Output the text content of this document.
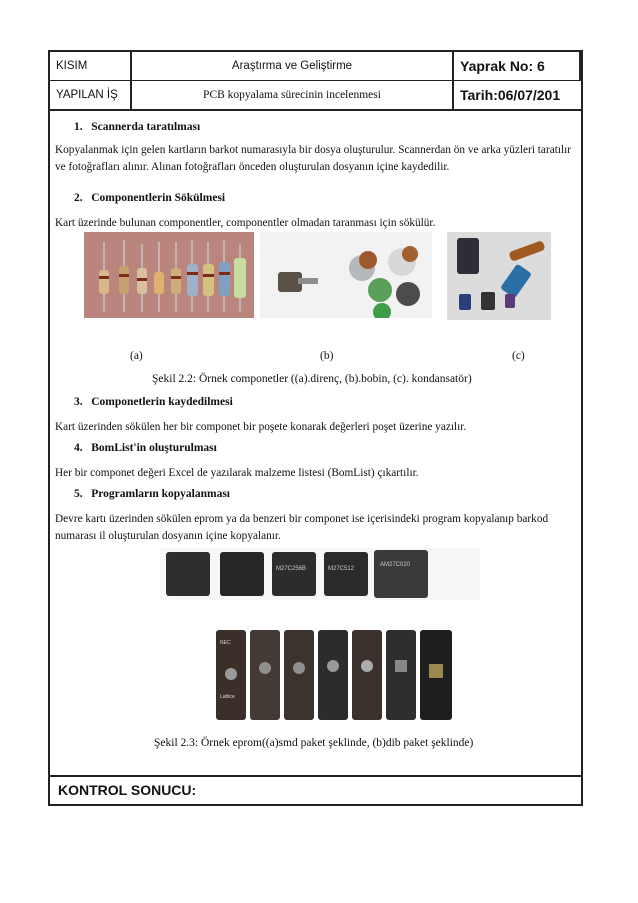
KISIM	Araştırma ve Geliştirme	Yaprak No: 6
YAPILAN İŞ	PCB kopyalama sürecinin incelenmesi	Tarih:06/07/201
1. Scannerda taratılması
Kopyalanmak için gelen kartların barkot numarasıyla bir dosya oluşturulur. Scannerdan ön ve arka yüzleri taratılır ve fotoğrafları alınır. Alınan fotoğrafları önceden oluşturulan dosyanın içine kaydedilir.
2. Componentlerin Sökülmesi
Kart üzerinde bulunan componentler, componentler olmadan taranması için sökülür.
(a)	(b)	(c)
Şekil 2.2: Örnek componetler ((a).direnç, (b).bobin, (c). kondansatör)
3. Componetlerin kaydedilmesi
Kart üzerinden sökülen her bir componet bir poşete konarak değerleri poşet üzerine yazılır.
4. BomList'in oluşturulması
Her bir componet değeri Excel de yazılarak malzeme listesi (BomList) çıkartılır.
5. Programların kopyalanması
Devre kartı üzerinden sökülen eprom ya da benzeri bir componet ise içerisindeki program kopyalanıp barkod numarası il oluşturulan dosyanın içine kopyalanır.
M27C512
M27C256B
AM27C020
NEC
Lattice
Şekil 2.3: Örnek eprom((a)smd paket şeklinde, (b)dib paket şeklinde)
KONTROL SONUCU:
